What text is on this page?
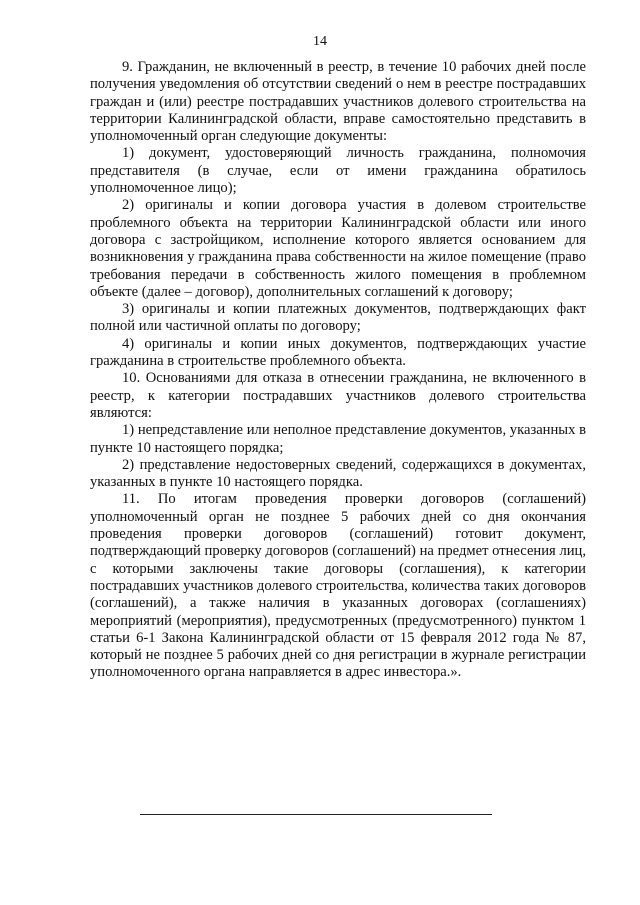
14

9. Гражданин, не включенный в реестр, в течение 10 рабочих дней после получения уведомления об отсутствии сведений о нем в реестре пострадавших граждан и (или) реестре пострадавших участников долевого строительства на территории Калининградской области, вправе самостоятельно представить в уполномоченный орган следующие документы:

1) документ, удостоверяющий личность гражданина, полномочия представителя (в случае, если от имени гражданина обратилось уполномоченное лицо);

2) оригиналы и копии договора участия в долевом строительстве проблемного объекта на территории Калининградской области или иного договора с застройщиком, исполнение которого является основанием для возникновения у гражданина права собственности на жилое помещение (право требования передачи в собственность жилого помещения в проблемном объекте (далее – договор), дополнительных соглашений к договору;

3) оригиналы и копии платежных документов, подтверждающих факт полной или частичной оплаты по договору;

4) оригиналы и копии иных документов, подтверждающих участие гражданина в строительстве проблемного объекта.

10. Основаниями для отказа в отнесении гражданина, не включенного в реестр, к категории пострадавших участников долевого строительства являются:

1) непредставление или неполное представление документов, указанных в пункте 10 настоящего порядка;

2) представление недостоверных сведений, содержащихся в документах, указанных в пункте 10 настоящего порядка.

11. По итогам проведения проверки договоров (соглашений) уполномоченный орган не позднее 5 рабочих дней со дня окончания проведения проверки договоров (соглашений) готовит документ, подтверждающий проверку договоров (соглашений) на предмет отнесения лиц, с которыми заключены такие договоры (соглашения), к категории пострадавших участников долевого строительства, количества таких договоров (соглашений), а также наличия в указанных договорах (соглашениях) мероприятий (мероприятия), предусмотренных (предусмотренного) пунктом 1 статьи 6-1 Закона Калининградской области от 15 февраля 2012 года № 87, который не позднее 5 рабочих дней со дня регистрации в журнале регистрации уполномоченного органа направляется в адрес инвестора.».
